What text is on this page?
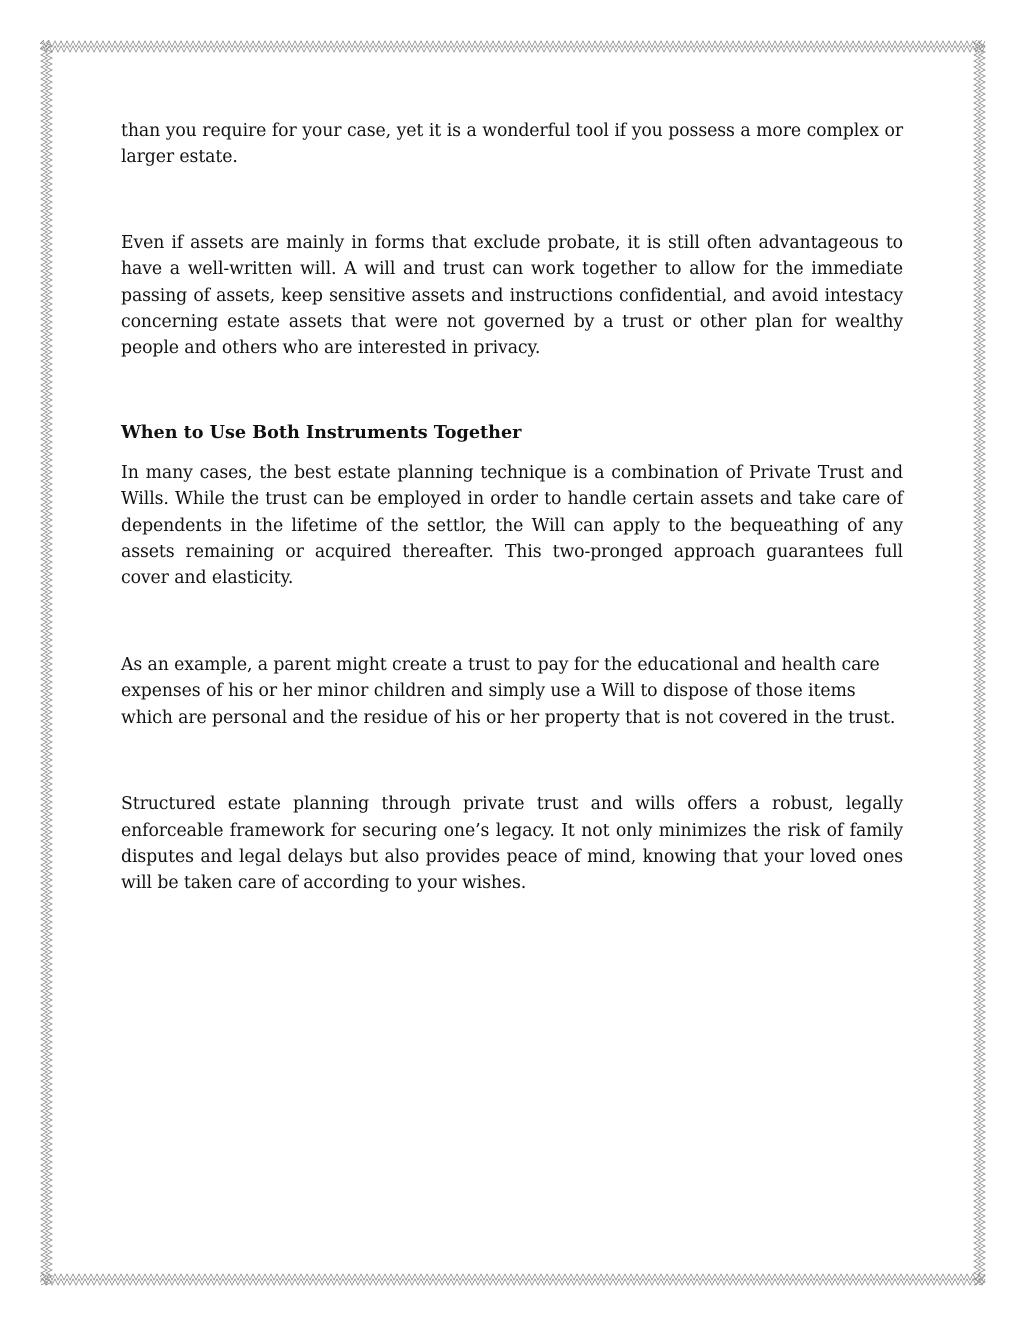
than you require for your case, yet it is a wonderful tool if you possess a more complex or larger estate.

Even if assets are mainly in forms that exclude probate, it is still often advantageous to have a well-written will. A will and trust can work together to allow for the immediate passing of assets, keep sensitive assets and instructions confidential, and avoid intestacy concerning estate assets that were not governed by a trust or other plan for wealthy people and others who are interested in privacy.

When to Use Both Instruments Together

In many cases, the best estate planning technique is a combination of Private Trust and Wills. While the trust can be employed in order to handle certain assets and take care of dependents in the lifetime of the settlor, the Will can apply to the bequeathing of any assets remaining or acquired thereafter. This two-pronged approach guarantees full cover and elasticity.

As an example, a parent might create a trust to pay for the educational and health care expenses of his or her minor children and simply use a Will to dispose of those items which are personal and the residue of his or her property that is not covered in the trust.

Structured estate planning through private trust and wills offers a robust, legally enforceable framework for securing one’s legacy. It not only minimizes the risk of family disputes and legal delays but also provides peace of mind, knowing that your loved ones will be taken care of according to your wishes.
